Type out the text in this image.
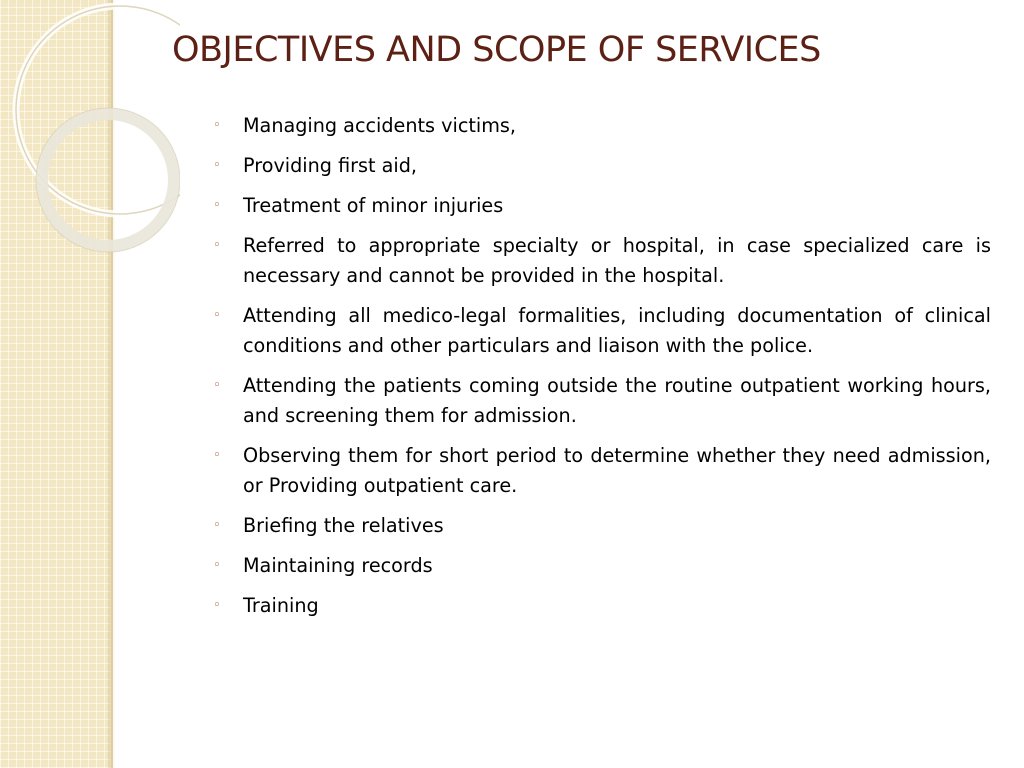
OBJECTIVES AND SCOPE OF SERVICES
◦ Managing accidents victims,
◦ Providing first aid,
◦ Treatment of minor injuries
◦ Referred to appropriate specialty or hospital, in case specialized care is necessary and cannot be provided in the hospital.
◦ Attending all medico-legal formalities, including documentation of clinical conditions and other particulars and liaison with the police.
◦ Attending the patients coming outside the routine outpatient working hours, and screening them for admission.
◦ Observing them for short period to determine whether they need admission, or Providing outpatient care.
◦ Briefing the relatives
◦ Maintaining records
◦ Training
